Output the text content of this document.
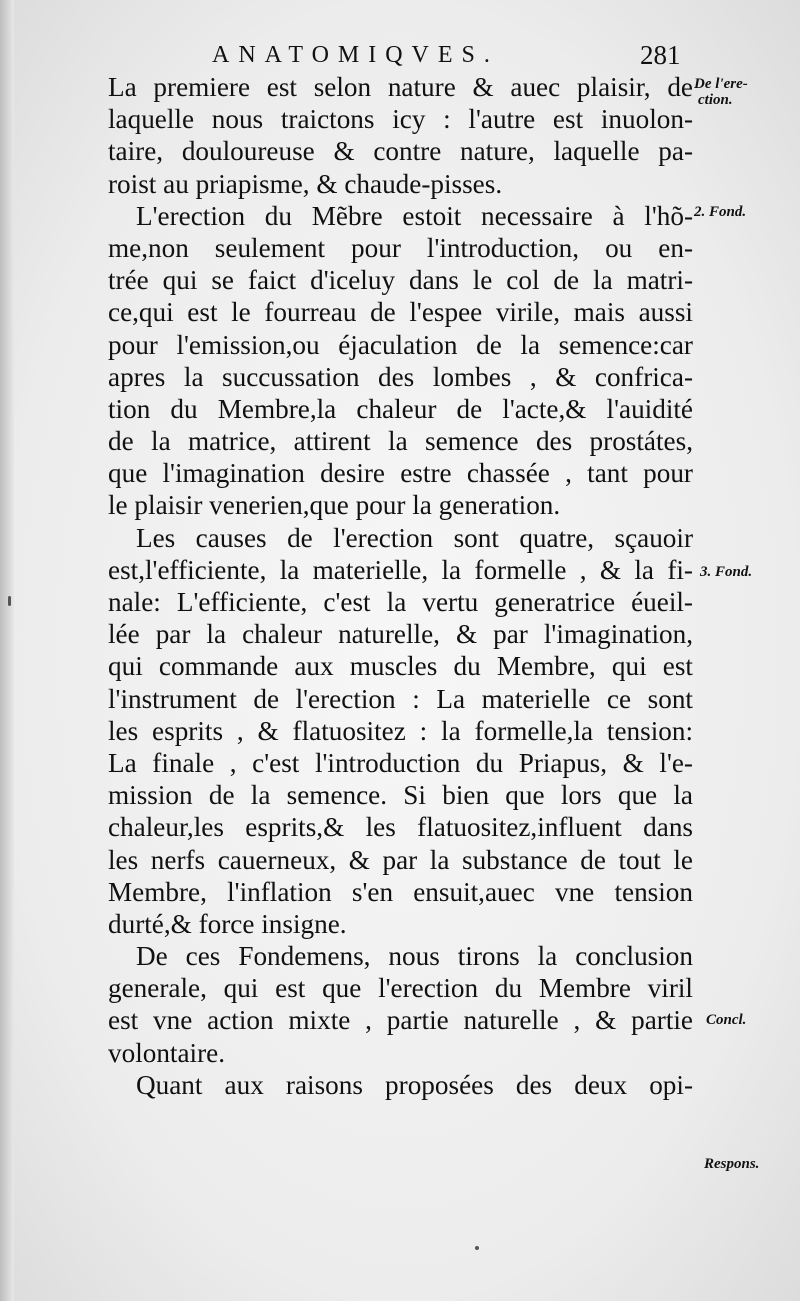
ANATOMIQVES.	281
La premiere est selon nature & auec plaisir, de
laquelle nous traictons icy : l'autre est inuolon-
taire, douloureuse & contre nature, laquelle pa-
roist au priapisme, & chaude-pisses.
L'erection du Mẽbre estoit necessaire à l'hõ-
me,non seulement pour l'introduction, ou en-
trée qui se faict d'iceluy dans le col de la matri-
ce,qui est le fourreau de l'espee virile, mais aussi
pour l'emission,ou éjaculation de la semence:car
apres la succussation des lombes , & confrica-
tion du Membre,la chaleur de l'acte,& l'auidité
de la matrice, attirent la semence des prostátes,
que l'imagination desire estre chassée , tant pour
le plaisir venerien,que pour la generation.
Les causes de l'erection sont quatre, sçauoir
est,l'efficiente, la materielle, la formelle , & la fi-
nale: L'efficiente, c'est la vertu generatrice éueil-
lée par la chaleur naturelle, & par l'imagination,
qui commande aux muscles du Membre, qui est
l'instrument de l'erection : La materielle ce sont
les esprits , & flatuositez : la formelle,la tension:
La finale , c'est l'introduction du Priapus, & l'e-
mission de la semence. Si bien que lors que la
chaleur,les esprits,& les flatuositez,influent dans
les nerfs cauerneux, & par la substance de tout le
Membre, l'inflation s'en ensuit,auec vne tension
durté,& force insigne.
De ces Fondemens, nous tirons la conclusion
generale, qui est que l'erection du Membre viril
est vne action mixte , partie naturelle , & partie
volontaire.
Quant aux raisons proposées des deux opi-
De l'ere-
ction.
2. Fond.
3. Fond.
Concl.
Respons.
